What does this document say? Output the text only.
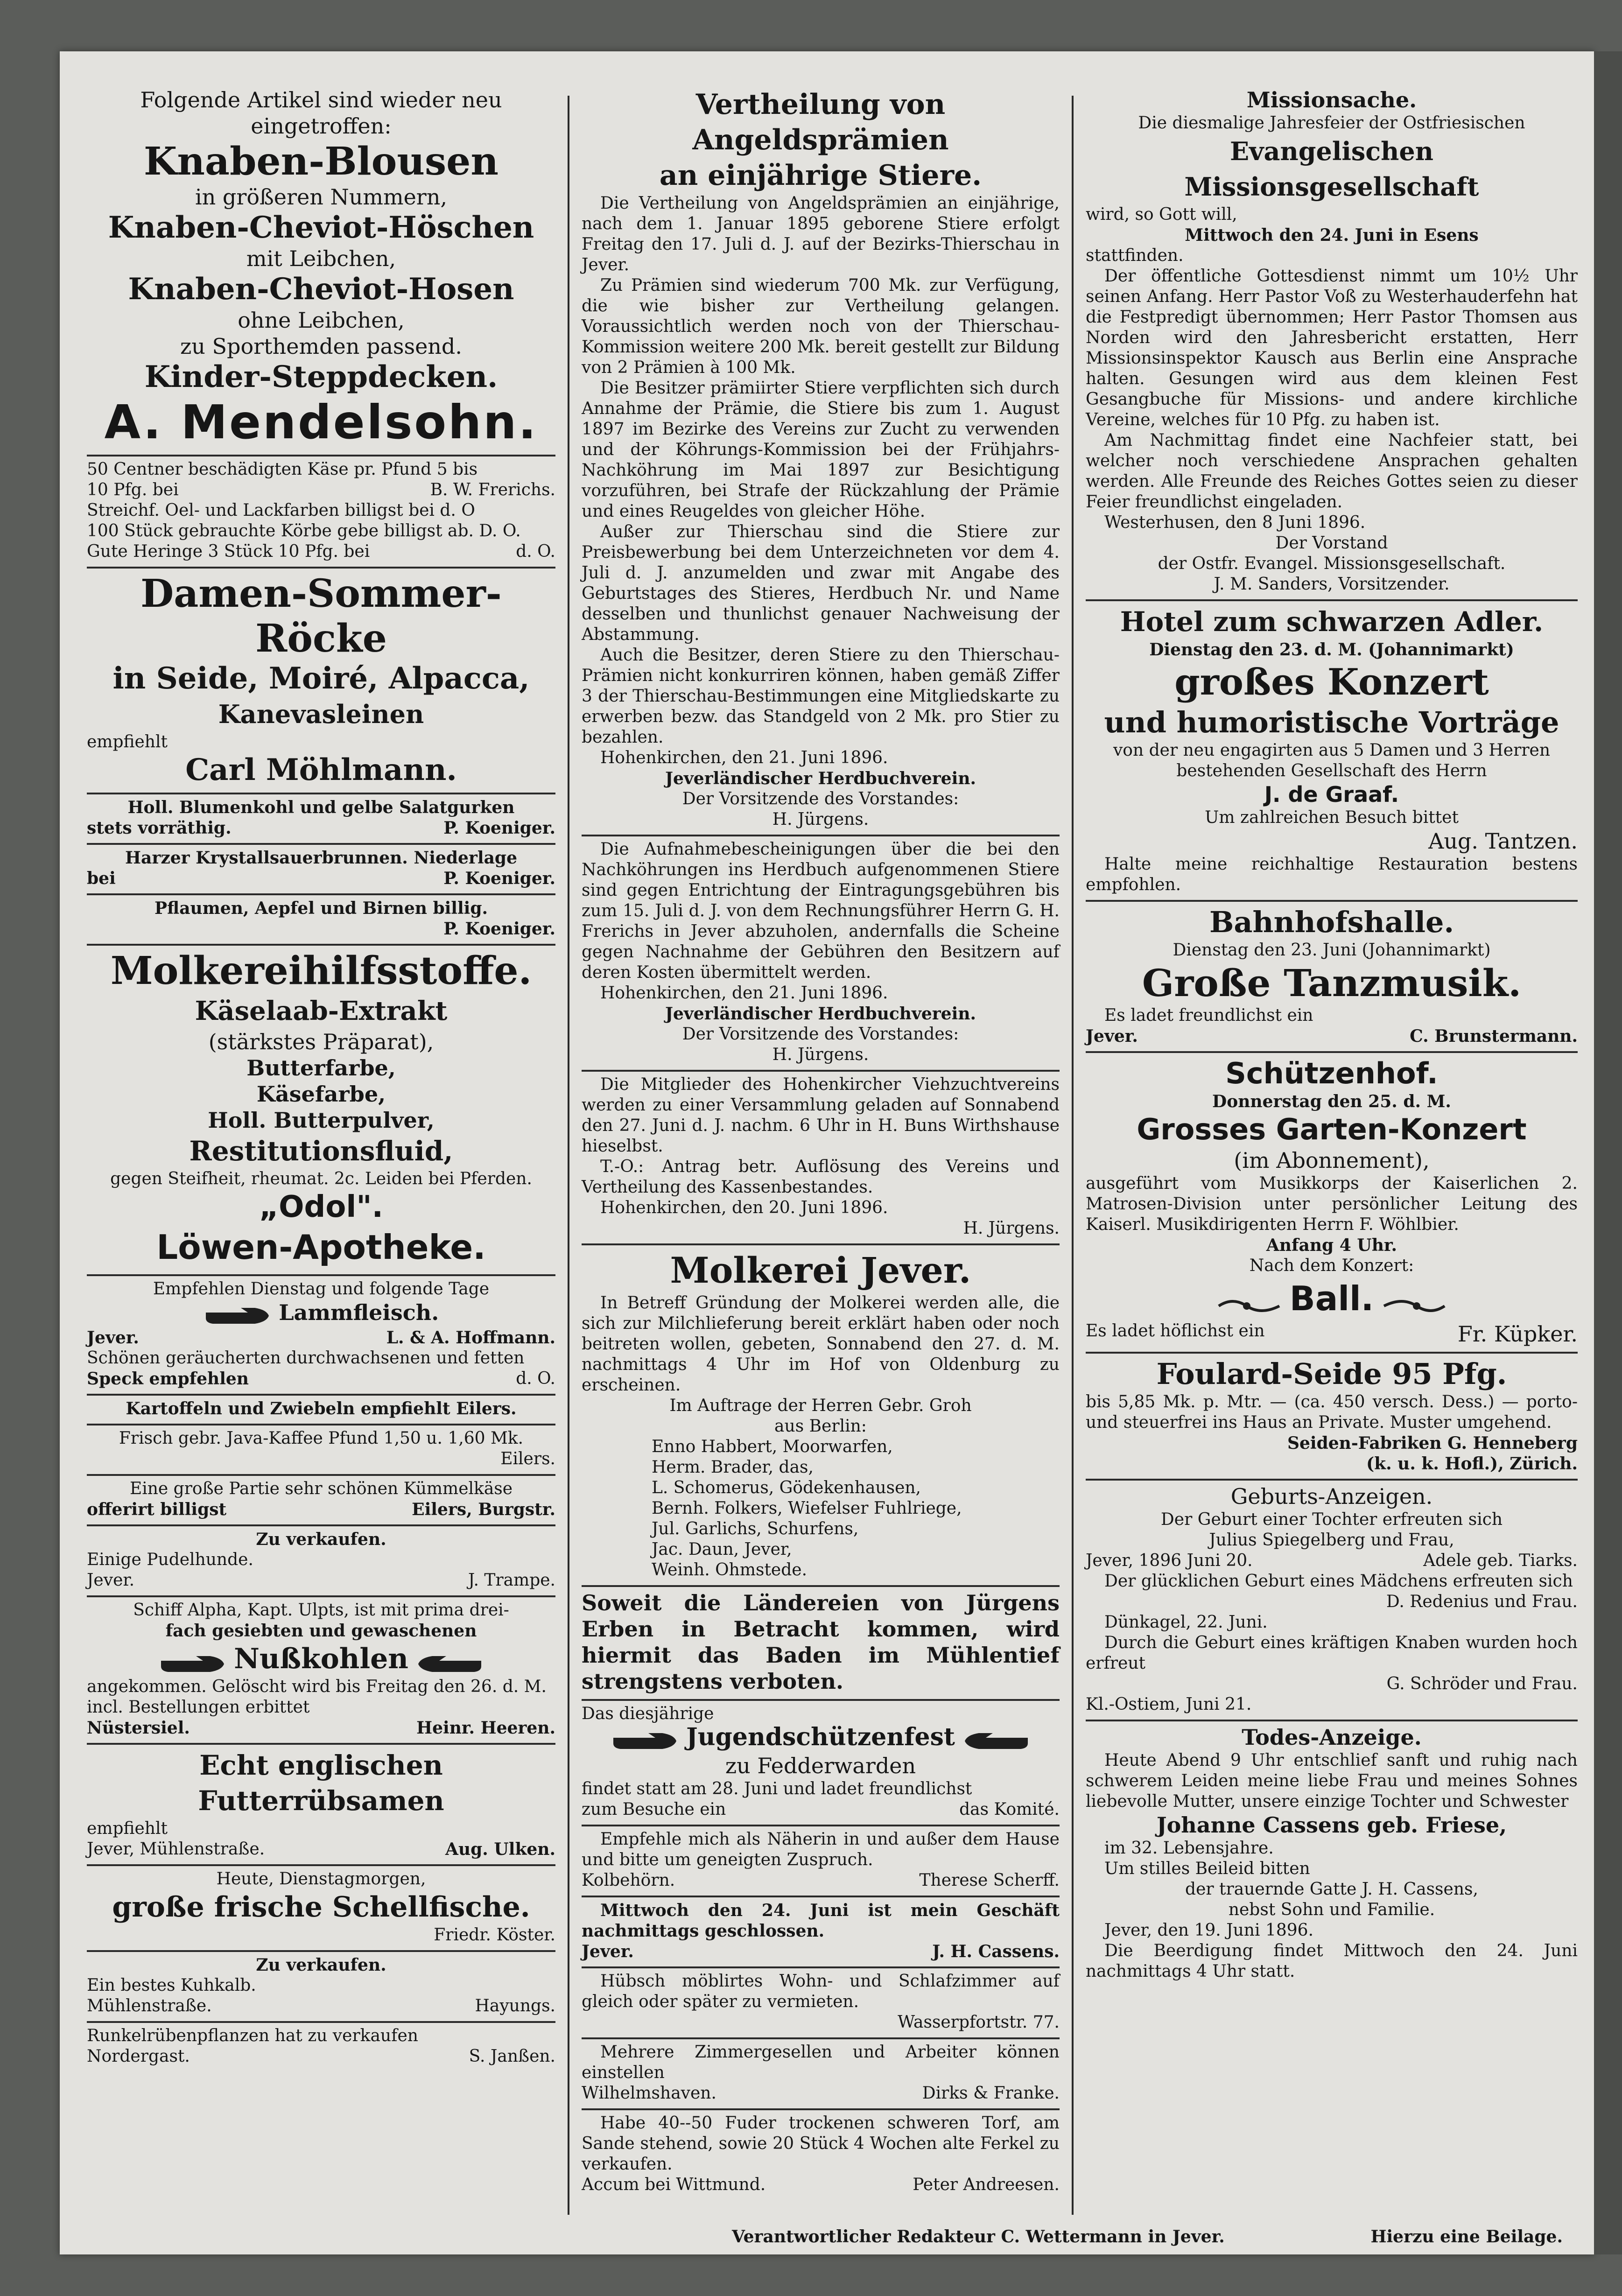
Folgende Artikel sind wieder neu eingetroffen:
Knaben-Blousen
in größeren Nummern,
Knaben-Cheviot-Höschen
mit Leibchen,
Knaben-Cheviot-Hosen
ohne Leibchen,
zu Sporthemden passend.
Kinder-Steppdecken.
A. Mendelsohn.
50 Centner beschädigten Käse pr. Pfund 5 bis
10 Pfg. bei	B. W. Frerichs.
Streichf. Oel- und Lackfarben billigst bei d. O
100 Stück gebrauchte Körbe gebe billigst ab. D. O.
Gute Heringe 3 Stück 10 Pfg. bei	d. O.
Damen-Sommer-Röcke
in Seide, Moiré, Alpacca,
Kanevasleinen
empfiehlt
Carl Möhlmann.
Holl. Blumenkohl und gelbe Salatgurken
stets vorräthig.	P. Koeniger.
Harzer Krystallsauerbrunnen. Niederlage
bei	P. Koeniger.
Pflaumen, Aepfel und Birnen billig.
P. Koeniger.
Molkereihilfsstoffe.
Käselaab-Extrakt
(stärkstes Präparat),
Butterfarbe,
Käsefarbe,
Holl. Butterpulver,
Restitutionsfluid,
gegen Steifheit, rheumat. 2c. Leiden bei Pferden.
„Odol".
Löwen-Apotheke.
Empfehlen Dienstag und folgende Tage
Lammfleisch.
Jever.	L. & A. Hoffmann.
Schönen geräucherten durchwachsenen und fetten
Speck empfehlen	d. O.
Kartoffeln und Zwiebeln empfiehlt Eilers.
Frisch gebr. Java-Kaffee Pfund 1,50 u. 1,60 Mk.
Eilers.
Eine große Partie sehr schönen Kümmelkäse
offerirt billigst	Eilers, Burgstr.
Zu verkaufen.
Einige Pudelhunde.
Jever.	J. Trampe.
Schiff Alpha, Kapt. Ulpts, ist mit prima drei-
fach gesiebten und gewaschenen
Nußkohlen
angekommen. Gelöscht wird bis Freitag den 26. d. M.
incl. Bestellungen erbittet
Nüstersiel.	Heinr. Heeren.
Echt englischen Futterrübsamen
empfiehlt
Jever, Mühlenstraße.	Aug. Ulken.
Heute, Dienstagmorgen,
große frische Schellfische.
Friedr. Köster.
Zu verkaufen.
Ein bestes Kuhkalb.
Mühlenstraße.	Hayungs.
Runkelrübenpflanzen hat zu verkaufen
Nordergast.	S. Janßen.
Vertheilung von Angeldsprämien
an einjährige Stiere.
Die Vertheilung von Angeldsprämien an einjährige, nach dem 1. Januar 1895 geborene Stiere erfolgt Freitag den 17. Juli d. J. auf der Bezirks-Thierschau in Jever.
Zu Prämien sind wiederum 700 Mk. zur Verfügung, die wie bisher zur Vertheilung gelangen. Voraussichtlich werden noch von der Thierschau-Kommission weitere 200 Mk. bereit gestellt zur Bildung von 2 Prämien à 100 Mk.
Die Besitzer prämiirter Stiere verpflichten sich durch Annahme der Prämie, die Stiere bis zum 1. August 1897 im Bezirke des Vereins zur Zucht zu verwenden und der Köhrungs-Kommission bei der Frühjahrs-Nachköhrung im Mai 1897 zur Besichtigung vorzuführen, bei Strafe der Rückzahlung der Prämie und eines Reugeldes von gleicher Höhe.
Außer zur Thierschau sind die Stiere zur Preisbewerbung bei dem Unterzeichneten vor dem 4. Juli d. J. anzumelden und zwar mit Angabe des Geburtstages des Stieres, Herdbuch Nr. und Name desselben und thunlichst genauer Nachweisung der Abstammung.
Auch die Besitzer, deren Stiere zu den Thierschau-Prämien nicht konkurriren können, haben gemäß Ziffer 3 der Thierschau-Bestimmungen eine Mitgliedskarte zu erwerben bezw. das Standgeld von 2 Mk. pro Stier zu bezahlen.
Hohenkirchen, den 21. Juni 1896.
Jeverländischer Herdbuchverein.
Der Vorsitzende des Vorstandes:
H. Jürgens.
Die Aufnahmebescheinigungen über die bei den Nachköhrungen ins Herdbuch aufgenommenen Stiere sind gegen Entrichtung der Eintragungsgebühren bis zum 15. Juli d. J. von dem Rechnungsführer Herrn G. H. Frerichs in Jever abzuholen, andernfalls die Scheine gegen Nachnahme der Gebühren den Besitzern auf deren Kosten übermittelt werden.
Hohenkirchen, den 21. Juni 1896.
Jeverländischer Herdbuchverein.
Der Vorsitzende des Vorstandes:
H. Jürgens.
Die Mitglieder des Hohenkircher Viehzuchtvereins werden zu einer Versammlung geladen auf Sonnabend den 27. Juni d. J. nachm. 6 Uhr in H. Buns Wirthshause hieselbst.
T.-O.: Antrag betr. Auflösung des Vereins und Vertheilung des Kassenbestandes.
Hohenkirchen, den 20. Juni 1896.
H. Jürgens.
Molkerei Jever.
In Betreff Gründung der Molkerei werden alle, die sich zur Milchlieferung bereit erklärt haben oder noch beitreten wollen, gebeten, Sonnabend den 27. d. M. nachmittags 4 Uhr im Hof von Oldenburg zu erscheinen.
Im Auftrage der Herren Gebr. Groh
aus Berlin:
Enno Habbert, Moorwarfen,
Herm. Brader, das,
L. Schomerus, Gödekenhausen,
Bernh. Folkers, Wiefelser Fuhlriege,
Jul. Garlichs, Schurfens,
Jac. Daun, Jever,
Weinh. Ohmstede.
Soweit die Ländereien von Jürgens Erben in Betracht kommen, wird hiermit das Baden im Mühlentief strengstens verboten.
Das diesjährige
Jugendschützenfest
zu Fedderwarden
findet statt am 28. Juni und ladet freundlichst
zum Besuche ein	das Komité.
Empfehle mich als Näherin in und außer dem Hause und bitte um geneigten Zuspruch.
Kolbehörn.	Therese Scherff.
Mittwoch den 24. Juni ist mein Geschäft nachmittags geschlossen.
Jever.	J. H. Cassens.
Hübsch möblirtes Wohn- und Schlafzimmer auf gleich oder später zu vermieten.
Wasserpfortstr. 77.
Mehrere Zimmergesellen und Arbeiter können einstellen
Wilhelmshaven.	Dirks & Franke.
Habe 40--50 Fuder trockenen schweren Torf, am Sande stehend, sowie 20 Stück 4 Wochen alte Ferkel zu verkaufen.
Accum bei Wittmund.	Peter Andreesen.
Missionsache.
Die diesmalige Jahresfeier der Ostfriesischen
Evangelischen Missionsgesellschaft
wird, so Gott will,
Mittwoch den 24. Juni in Esens
stattfinden.
Der öffentliche Gottesdienst nimmt um 10½ Uhr seinen Anfang. Herr Pastor Voß zu Westerhauderfehn hat die Festpredigt übernommen; Herr Pastor Thomsen aus Norden wird den Jahresbericht erstatten, Herr Missionsinspektor Kausch aus Berlin eine Ansprache halten. Gesungen wird aus dem kleinen Fest Gesangbuche für Missions- und andere kirchliche Vereine, welches für 10 Pfg. zu haben ist.
Am Nachmittag findet eine Nachfeier statt, bei welcher noch verschiedene Ansprachen gehalten werden. Alle Freunde des Reiches Gottes seien zu dieser Feier freundlichst eingeladen.
Westerhusen, den 8 Juni 1896.
Der Vorstand
der Ostfr. Evangel. Missionsgesellschaft.
J. M. Sanders, Vorsitzender.
Hotel zum schwarzen Adler.
Dienstag den 23. d. M. (Johannimarkt)
großes Konzert
und humoristische Vorträge
von der neu engagirten aus 5 Damen und 3 Herren bestehenden Gesellschaft des Herrn
J. de Graaf.
Um zahlreichen Besuch bittet
Aug. Tantzen.
Halte meine reichhaltige Restauration bestens empfohlen.
Bahnhofshalle.
Dienstag den 23. Juni (Johannimarkt)
Große Tanzmusik.
Es ladet freundlichst ein
Jever.	C. Brunstermann.
Schützenhof.
Donnerstag den 25. d. M.
Grosses Garten-Konzert
(im Abonnement),
ausgeführt vom Musikkorps der Kaiserlichen 2. Matrosen-Division unter persönlicher Leitung des Kaiserl. Musikdirigenten Herrn F. Wöhlbier.
Anfang 4 Uhr.
Nach dem Konzert:
Ball.
Es ladet höflichst ein	Fr. Küpker.
Foulard-Seide 95 Pfg.
bis 5,85 Mk. p. Mtr. — (ca. 450 versch. Dess.) — porto- und steuerfrei ins Haus an Private. Muster umgehend.
Seiden-Fabriken G. Henneberg
(k. u. k. Hofl.), Zürich.
Geburts-Anzeigen.
Der Geburt einer Tochter erfreuten sich
Julius Spiegelberg und Frau,
Jever, 1896 Juni 20.	Adele geb. Tiarks.
Der glücklichen Geburt eines Mädchens erfreuten sich
D. Redenius und Frau.
Dünkagel, 22. Juni.
Durch die Geburt eines kräftigen Knaben wurden hoch erfreut
G. Schröder und Frau.
Kl.-Ostiem, Juni 21.
Todes-Anzeige.
Heute Abend 9 Uhr entschlief sanft und ruhig nach schwerem Leiden meine liebe Frau und meines Sohnes liebevolle Mutter, unsere einzige Tochter und Schwester
Johanne Cassens geb. Friese,
im 32. Lebensjahre.
Um stilles Beileid bitten
der trauernde Gatte J. H. Cassens,
nebst Sohn und Familie.
Jever, den 19. Juni 1896.
Die Beerdigung findet Mittwoch den 24. Juni nachmittags 4 Uhr statt.
Verantwortlicher Redakteur C. Wettermann in Jever.	Hierzu eine Beilage.
